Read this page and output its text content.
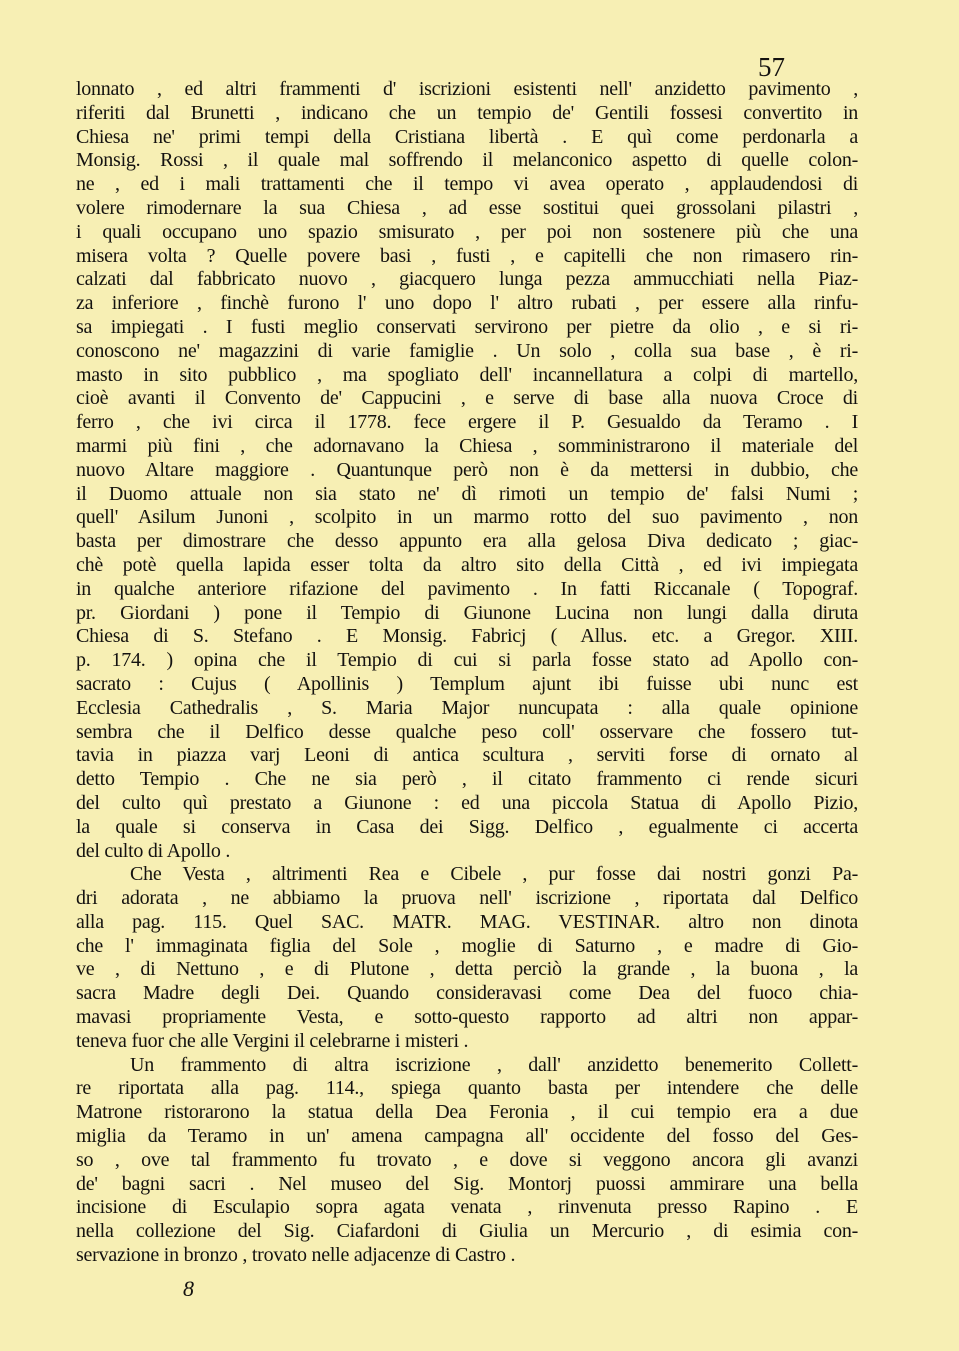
57
lonnato , ed altri frammenti d' iscrizioni esistenti nell' anzidetto pavimento ,
riferiti dal Brunetti , indicano che un tempio de' Gentili fossesi convertito in
Chiesa ne' primi tempi della Cristiana libertà . E quì come perdonarla a
Monsig. Rossi , il quale mal soffrendo il melanconico aspetto di quelle colon-
ne , ed i mali trattamenti che il tempo vi avea operato , applaudendosi di
volere rimodernare la sua Chiesa , ad esse sostitui quei grossolani pilastri ,
i quali occupano uno spazio smisurato , per poi non sostenere più che una
misera volta ? Quelle povere basi , fusti , e capitelli che non rimasero rin-
calzati dal fabbricato nuovo , giacquero lunga pezza ammucchiati nella Piaz-
za inferiore , finchè furono l' uno dopo l' altro rubati , per essere alla rinfu-
sa impiegati . I fusti meglio conservati servirono per pietre da olio , e si ri-
conoscono ne' magazzini di varie famiglie . Un solo , colla sua base , è ri-
masto in sito pubblico , ma spogliato dell' incannellatura a colpi di martello,
cioè avanti il Convento de' Cappucini , e serve di base alla nuova Croce di
ferro , che ivi circa il 1778. fece ergere il P. Gesualdo da Teramo . I
marmi più fini , che adornavano la Chiesa , somministrarono il materiale del
nuovo Altare maggiore . Quantunque però non è da mettersi in dubbio, che
il Duomo attuale non sia stato ne' dì rimoti un tempio de' falsi Numi ;
quell' Asilum Junoni , scolpito in un marmo rotto del suo pavimento , non
basta per dimostrare che desso appunto era alla gelosa Diva dedicato ; giac-
chè potè quella lapida esser tolta da altro sito della Città , ed ivi impiegata
in qualche anteriore rifazione del pavimento . In fatti Riccanale ( Topograf.
pr. Giordani ) pone il Tempio di Giunone Lucina non lungi dalla diruta
Chiesa di S. Stefano . E Monsig. Fabricj ( Allus. etc. a Gregor. XIII.
p. 174. ) opina che il Tempio di cui si parla fosse stato ad Apollo con-
sacrato : Cujus ( Apollinis ) Templum ajunt ibi fuisse ubi nunc est
Ecclesia Cathedralis , S. Maria Major nuncupata : alla quale opinione
sembra che il Delfico desse qualche peso coll' osservare che fossero tut-
tavia in piazza varj Leoni di antica scultura , serviti forse di ornato al
detto Tempio . Che ne sia però , il citato frammento ci rende sicuri
del culto quì prestato a Giunone : ed una piccola Statua di Apollo Pizio,
la quale si conserva in Casa dei Sigg. Delfico , egualmente ci accerta
del culto di Apollo .
Che Vesta , altrimenti Rea e Cibele , pur fosse dai nostri gonzi Pa-
dri adorata , ne abbiamo la pruova nell' iscrizione , riportata dal Delfico
alla pag. 115. Quel SAC. MATR. MAG. VESTINAR. altro non dinota
che l' immaginata figlia del Sole , moglie di Saturno , e madre di Gio-
ve , di Nettuno , e di Plutone , detta perciò la grande , la buona , la
sacra Madre degli Dei. Quando consideravasi come Dea del fuoco chia-
mavasi propriamente Vesta, e sotto-questo rapporto ad altri non appar-
teneva fuor che alle Vergini il celebrarne i misteri .
Un frammento di altra iscrizione , dall' anzidetto benemerito Collett-
re riportata alla pag. 114., spiega quanto basta per intendere che delle
Matrone ristorarono la statua della Dea Feronia , il cui tempio era a due
miglia da Teramo in un' amena campagna all' occidente del fosso del Ges-
so , ove tal frammento fu trovato , e dove si veggono ancora gli avanzi
de' bagni sacri . Nel museo del Sig. Montorj puossi ammirare una bella
incisione di Esculapio sopra agata venata , rinvenuta presso Rapino . E
nella collezione del Sig. Ciafardoni di Giulia un Mercurio , di esimia con-
servazione in bronzo , trovato nelle adjacenze di Castro .
8
